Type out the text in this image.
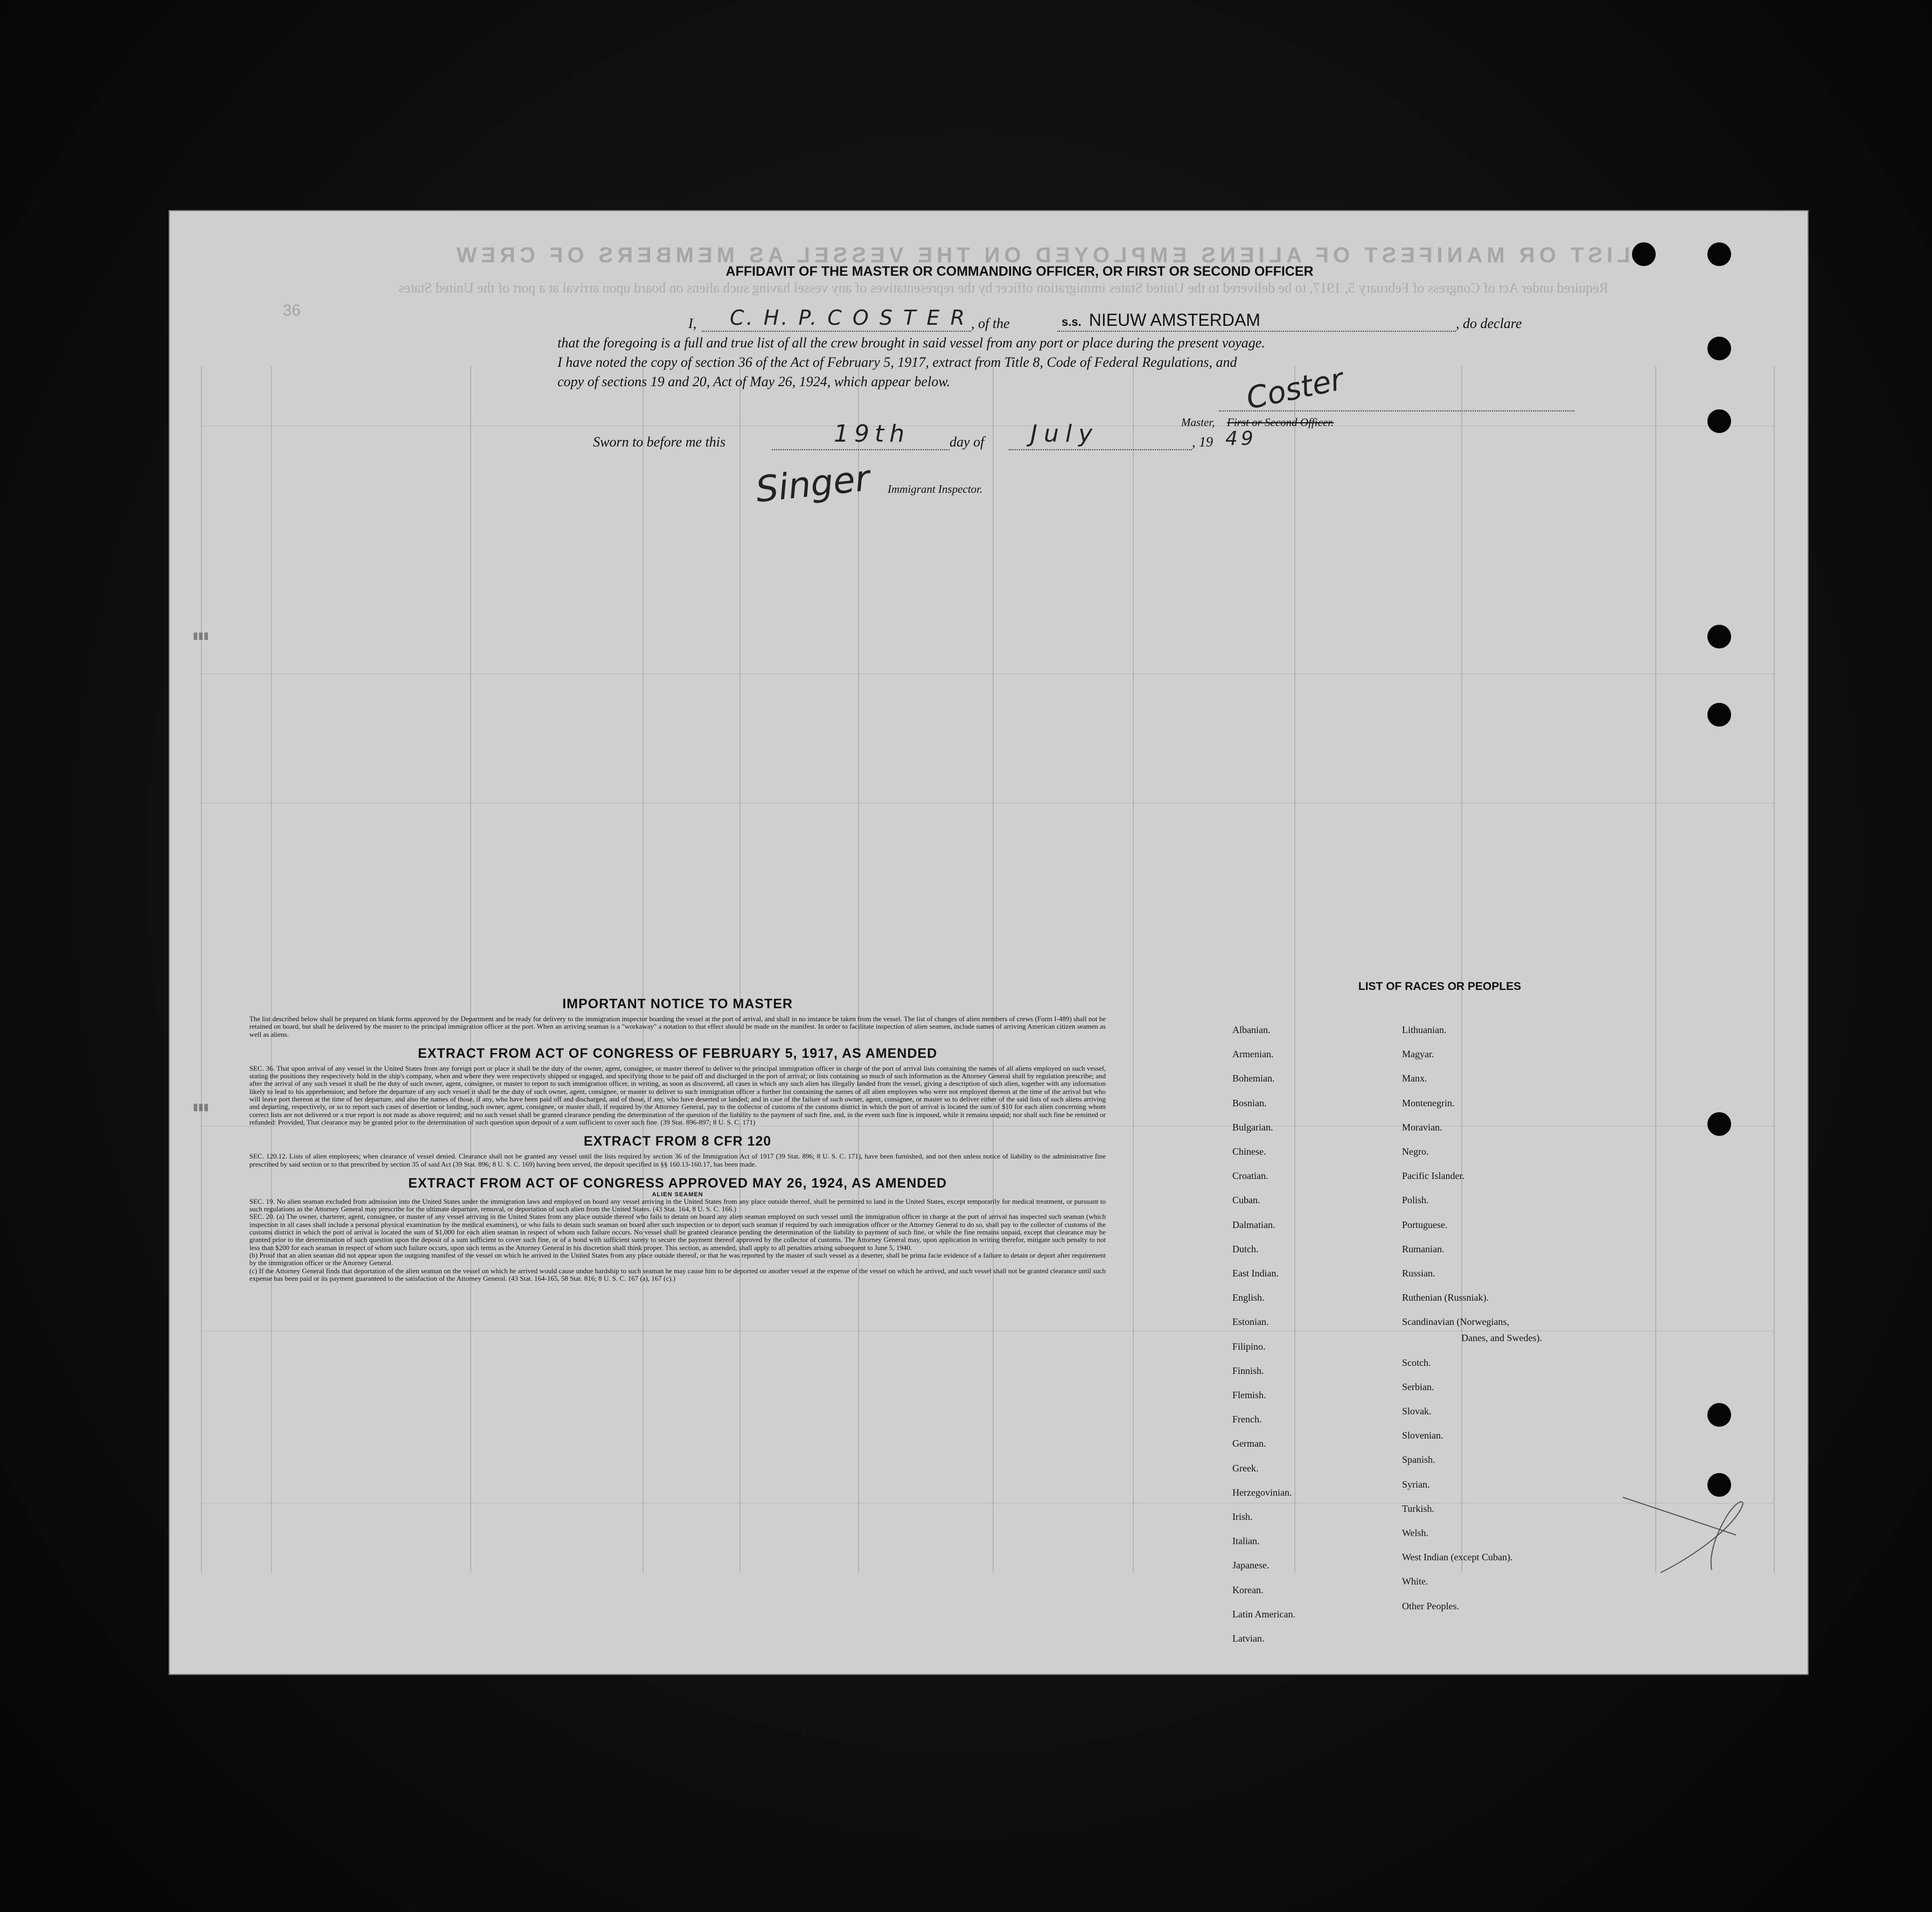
LIST OR MANIFEST OF ALIENS EMPLOYED ON THE VESSEL AS MEMBERS OF CREW
Required under Act of Congress of February 5, 1917, to be delivered to the United States immigration officer by the representatives of any vessel having such aliens on board upon arrival at a port of the United States
36
AFFIDAVIT OF THE MASTER OR COMMANDING OFFICER, OR FIRST OR SECOND OFFICER
I, C. H. P. C O S T E R , of the	s.s. NIEUW AMSTERDAM	, do declare
that the foregoing is a full and true list of all the crew brought in said vessel from any port or place during the present voyage.
I have noted the copy of section 36 of the Act of February 5, 1917, extract from Title 8, Code of Federal Regulations, and
copy of sections 19 and 20, Act of May 26, 1924, which appear below.	Coster
Master, First or Second Officer.
Sworn to before me this	19th	day of July	, 19 49
Singer Immigrant Inspector.
▮▮▮
▮▮▮
IMPORTANT NOTICE TO MASTER

The list described below shall be prepared on blank forms approved by the Department and be ready for delivery to the immigration inspector boarding the vessel at the port of arrival, and shall in no instance be taken from the vessel. The list of changes of alien members of crews (Form I-489) shall not be retained on board, but shall be delivered by the master to the principal immigration officer at the port. When an arriving seaman is a "workaway" a notation to that effect should be made on the manifest. In order to facilitate inspection of alien seamen, include names of arriving American citizen seamen as well as aliens.

EXTRACT FROM ACT OF CONGRESS OF FEBRUARY 5, 1917, AS AMENDED

SEC. 36. That upon arrival of any vessel in the United States from any foreign port or place it shall be the duty of the owner, agent, consignee, or master thereof to deliver to the principal immigration officer in charge of the port of arrival lists containing the names of all aliens employed on such vessel, stating the positions they respectively hold in the ship's company, when and where they were respectively shipped or engaged, and specifying those to be paid off and discharged in the port of arrival; or lists containing so much of such information as the Attorney General shall by regulation prescribe; and after the arrival of any such vessel it shall be the duty of such owner, agent, consignee, or master to report to such immigration officer, in writing, as soon as discovered, all cases in which any such alien has illegally landed from the vessel, giving a description of such alien, together with any information likely to lead to his apprehension; and before the departure of any such vessel it shall be the duty of such owner, agent, consignee, or master to deliver to such immigration officer a further list containing the names of all alien employees who were not employed thereon at the time of the arrival but who will leave port thereon at the time of her departure, and also the names of those, if any, who have been paid off and discharged, and of those, if any, who have deserted or landed; and in case of the failure of such owner, agent, consignee, or master so to deliver either of the said lists of such aliens arriving and departing, respectively, or so to report such cases of desertion or landing, such owner, agent, consignee, or master shall, if required by the Attorney General, pay to the collector of customs of the customs district in which the port of arrival is located the sum of $10 for each alien concerning whom correct lists are not delivered or a true report is not made as above required; and no such vessel shall be granted clearance pending the determination of the question of the liability to the payment of such fine, and, in the event such fine is imposed, while it remains unpaid; nor shall such fine be remitted or refunded: Provided, That clearance may be granted prior to the determination of such question upon deposit of a sum sufficient to cover such fine. (39 Stat. 896-897; 8 U. S. C. 171)

EXTRACT FROM 8 CFR 120

SEC. 120.12. Lists of alien employees; when clearance of vessel denied. Clearance shall not be granted any vessel until the lists required by section 36 of the Immigration Act of 1917 (39 Stat. 896; 8 U. S. C. 171), have been furnished, and not then unless notice of liability to the administrative fine prescribed by said section or to that prescribed by section 35 of said Act (39 Stat. 896; 8 U. S. C. 169) having been served, the deposit specified in §§ 160.13-160.17, has been made.

EXTRACT FROM ACT OF CONGRESS APPROVED MAY 26, 1924, AS AMENDED
ALIEN SEAMEN

SEC. 19. No alien seaman excluded from admission into the United States under the immigration laws and employed on board any vessel arriving in the United States from any place outside thereof, shall be permitted to land in the United States, except temporarily for medical treatment, or pursuant to such regulations as the Attorney General may prescribe for the ultimate departure, removal, or deportation of such alien from the United States. (43 Stat. 164, 8 U. S. C. 166.)

SEC. 20. (a) The owner, charterer, agent, consignee, or master of any vessel arriving in the United States from any place outside thereof who fails to detain on board any alien seaman employed on such vessel until the immigration officer in charge at the port of arrival has inspected such seaman (which inspection in all cases shall include a personal physical examination by the medical examiners), or who fails to detain such seaman on board after such inspection or to deport such seaman if required by such immigration officer or the Attorney General to do so, shall pay to the collector of customs of the customs district in which the port of arrival is located the sum of $1,000 for each alien seaman in respect of whom such failure occurs. No vessel shall be granted clearance pending the determination of the liability to payment of such fine, or while the fine remains unpaid, except that clearance may be granted prior to the determination of such question upon the deposit of a sum sufficient to cover such fine, or of a bond with sufficient surety to secure the payment thereof approved by the collector of customs. The Attorney General may, upon application in writing therefor, mitigate such penalty to not less than $200 for each seaman in respect of whom such failure occurs, upon such terms as the Attorney General in his discretion shall think proper. This section, as amended, shall apply to all penalties arising subsequent to June 5, 1940.

(b) Proof that an alien seaman did not appear upon the outgoing manifest of the vessel on which he arrived in the United States from any place outside thereof, or that he was reported by the master of such vessel as a deserter, shall be prima facie evidence of a failure to detain or deport after requirement by the immigration officer or the Attorney General.

(c) If the Attorney General finds that deportation of the alien seaman on the vessel on which he arrived would cause undue hardship to such seaman he may cause him to be deported on another vessel at the expense of the vessel on which he arrived, and such vessel shall not be granted clearance until such expense has been paid or its payment guaranteed to the satisfaction of the Attorney General. (43 Stat. 164-165, 58 Stat. 816; 8 U. S. C. 167 (a), 167 (c).)

LIST OF RACES OR PEOPLES
Albanian.
Armenian.
Bohemian.
Bosnian.
Bulgarian.
Chinese.
Croatian.
Cuban.
Dalmatian.
Dutch.
East Indian.
English.
Estonian.
Filipino.
Finnish.
Flemish.
French.
German.
Greek.
Herzegovinian.
Irish.
Italian.
Japanese.
Korean.
Latin American.
Latvian.
Lithuanian.
Magyar.
Manx.
Montenegrin.
Moravian.
Negro.
Pacific Islander.
Polish.
Portuguese.
Rumanian.
Russian.
Ruthenian (Russniak).
Scandinavian (Norwegians,
Danes, and Swedes).
Scotch.
Serbian.
Slovak.
Slovenian.
Spanish.
Syrian.
Turkish.
Welsh.
West Indian (except Cuban).
White.
Other Peoples.
